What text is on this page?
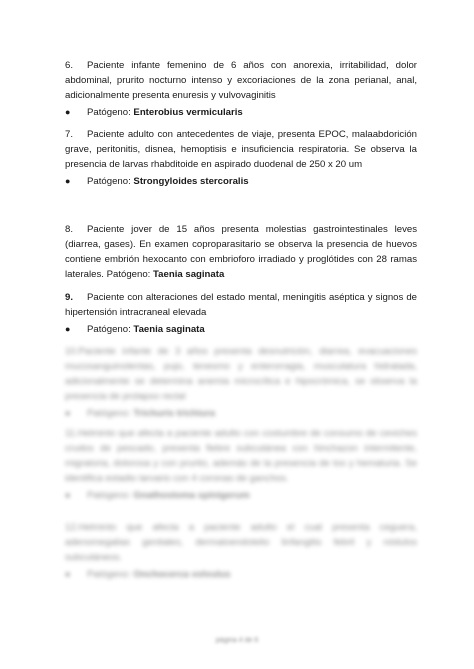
6. Paciente infante femenino de 6 años con anorexia, irritabilidad, dolor abdominal, prurito nocturno intenso y excoriaciones de la zona perianal, anal, adicionalmente presenta enuresis y vulvovaginitis

●	Patógeno: Enterobius vermicularis

7. Paciente adulto con antecedentes de viaje, presenta EPOC, malaabdorición grave, peritonitis, disnea, hemoptisis e insuficiencia respiratoria. Se observa la presencia de larvas rhabditoide en aspirado duodenal de 250 x 20 um

●	Patógeno: Strongyloides stercoralis

8. Paciente jover de 15 años presenta molestias gastrointestinales leves (diarrea, gases). En examen coproparasitario se observa la presencia de huevos contiene embrión hexocanto con embrioforo irradiado y proglótides con 28 ramas laterales. Patógeno: Taenia saginata

9. Paciente con alteraciones del estado mental, meningitis aséptica y signos de hipertensión intracraneal elevada

●	Patógeno: Taenia saginata

10.Paciente infante de 3 años presenta desnutrición, diarrea, evacuaciones mucosanguinolentas, pujo, tenesmo y enterorragia, musculatura hidratada, adicionalmente se determina anemia microcítica e hipocrómica, se observa la presencia de prolapso rectal

●	Patógeno: Trichuris trichiura

11.Helminto que afecta a paciente adulto con costumbre de consumo de ceviches crudos de pescado, presenta fiebre subcutánea con hinchazon intermitente, migratoria, dolorosa y con prurito, además de la presencia de tos y hematuria. Se identifica estadio larvario con 4 coronas de ganchos.

●	Patógeno: Gnathostoma spinigerum

12.Helminto que afecta a paciente adulto el cual presenta ceguera, adenomegalias genitales, dermatoendotelio linfangitis febril y nódulos subcutáneos.

●	Patógeno: Onchocerca volvulus
página 4 de 6
